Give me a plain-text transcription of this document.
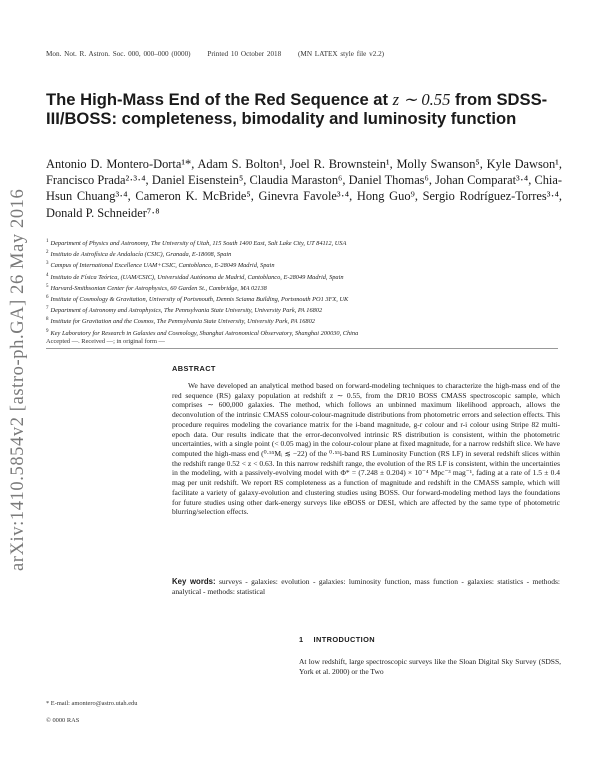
arXiv:1410.5854v2 [astro-ph.GA] 26 May 2016
Mon. Not. R. Astron. Soc. 000, 000–000 (0000) Printed 10 October 2018 (MN LATEX style file v2.2)
The High-Mass End of the Red Sequence at z ∼ 0.55 from SDSS-III/BOSS: completeness, bimodality and luminosity function
Antonio D. Montero-Dorta¹*, Adam S. Bolton¹, Joel R. Brownstein¹, Molly Swanson⁵, Kyle Dawson¹, Francisco Prada²·³·⁴, Daniel Eisenstein⁵, Claudia Maraston⁶, Daniel Thomas⁶, Johan Comparat³·⁴, Chia-Hsun Chuang³·⁴, Cameron K. McBride⁵, Ginevra Favole³·⁴, Hong Guo⁹, Sergio Rodríguez-Torres³·⁴, Donald P. Schneider⁷·⁸
$^1$ Department of Physics and Astronomy, The University of Utah, 115 South 1400 East, Salt Lake City, UT 84112, USA
$^2$ Instituto de Astrofísica de Andalucía (CSIC), Granada, E-18008, Spain
$^3$ Campus of International Excellence UAM+CSIC, Cantoblanco, E-28049 Madrid, Spain
$^4$ Instituto de Física Teórica, (UAM/CSIC), Universidad Autónoma de Madrid, Cantoblanco, E-28049 Madrid, Spain
$^5$ Harvard-Smithsonian Center for Astrophysics, 60 Garden St., Cambridge, MA 02138
$^6$ Institute of Cosmology & Gravitation, University of Portsmouth, Dennis Sciama Building, Portsmouth PO1 3FX, UK
$^7$ Department of Astronomy and Astrophysics, The Pennsylvania State University, University Park, PA 16802
$^8$ Institute for Gravitation and the Cosmos, The Pennsylvania State University, University Park, PA 16802
$^9$ Key Laboratory for Research in Galaxies and Cosmology, Shanghai Astronomical Observatory, Shanghai 200030, China
Accepted —. Received —; in original form —
ABSTRACT
We have developed an analytical method based on forward-modeling techniques to characterize the high-mass end of the red sequence (RS) galaxy population at redshift z ∼ 0.55, from the DR10 BOSS CMASS spectroscopic sample, which comprises ∼ 600,000 galaxies. The method, which follows an unbinned maximum likelihood approach, allows the deconvolution of the intrinsic CMASS colour-colour-magnitude distributions from photometric errors and selection effects. This procedure requires modeling the covariance matrix for the i-band magnitude, g-r colour and r-i colour using Stripe 82 multi-epoch data. Our results indicate that the error-deconvolved intrinsic RS distribution is consistent, within the photometric uncertainties, with a single point (< 0.05 mag) in the colour-colour plane at fixed magnitude, for a narrow redshift slice. We have computed the high-mass end (⁰·⁵⁵Mᵢ ≲ −22) of the ⁰·⁵⁵i-band RS Luminosity Function (RS LF) in several redshift slices within the redshift range 0.52 < z < 0.63. In this narrow redshift range, the evolution of the RS LF is consistent, within the uncertainties in the modeling, with a passively-evolving model with Φ* = (7.248 ± 0.204) × 10⁻⁴ Mpc⁻³ mag⁻¹, fading at a rate of 1.5 ± 0.4 mag per unit redshift. We report RS completeness as a function of magnitude and redshift in the CMASS sample, which will facilitate a variety of galaxy-evolution and clustering studies using BOSS. Our forward-modeling method lays the foundations for future studies using other dark-energy surveys like eBOSS or DESI, which are affected by the same type of photometric blurring/selection effects.
Key words: surveys - galaxies: evolution - galaxies: luminosity function, mass function - galaxies: statistics - methods: analytical - methods: statistical
1 INTRODUCTION
At low redshift, large spectroscopic surveys like the Sloan Digital Sky Survey (SDSS, York et al. 2000) or the Two
* E-mail: amontero@astro.utah.edu
© 0000 RAS
